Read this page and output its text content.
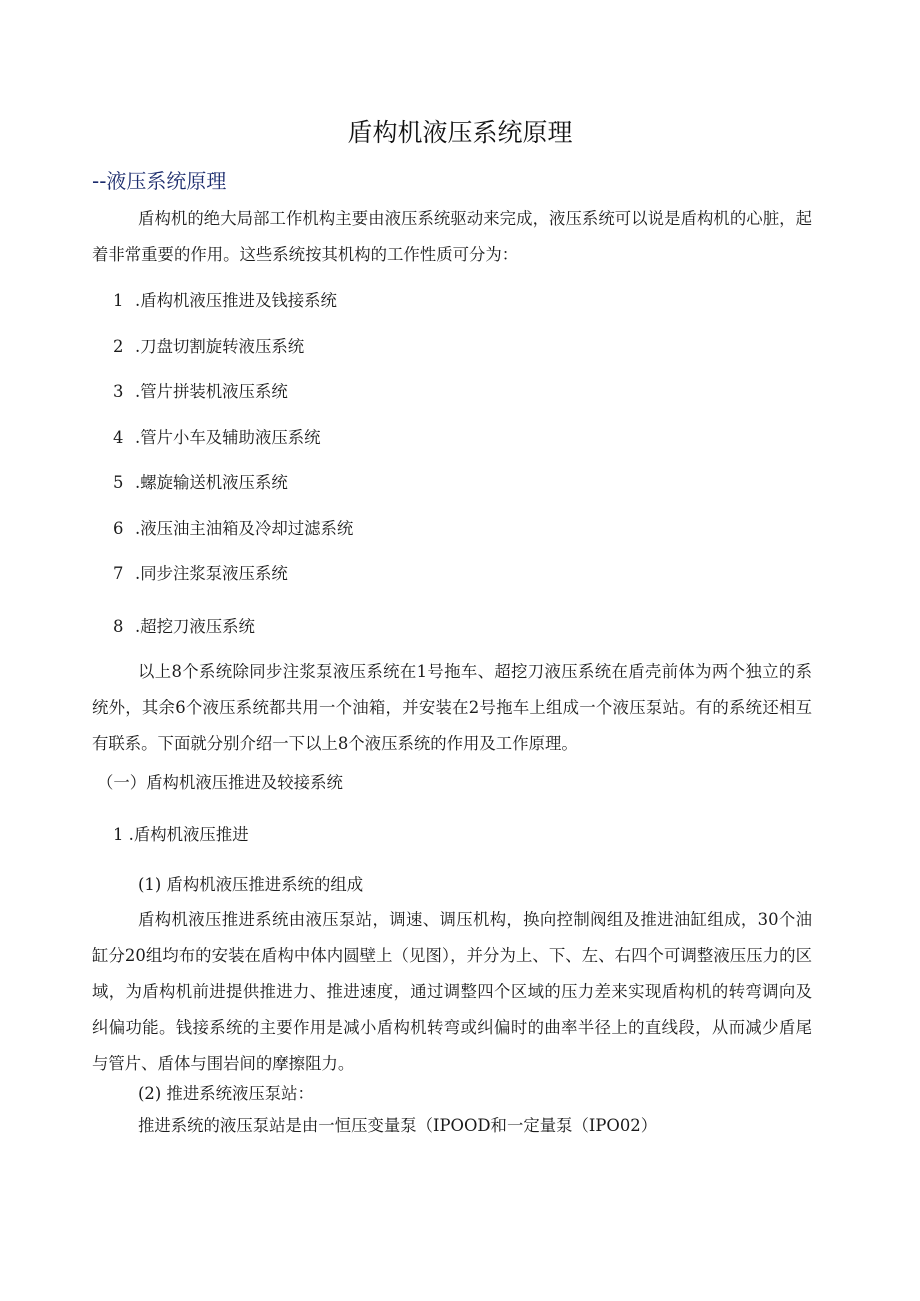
盾构机液压系统原理
--液压系统原理

盾构机的绝大局部工作机构主要由液压系统驱动来完成，液压系统可以说是盾构机的心脏，起着非常重要的作用。这些系统按其机构的工作性质可分为：

1 .盾构机液压推进及钱接系统

2 .刀盘切割旋转液压系统

3 .管片拼装机液压系统

4 .管片小车及辅助液压系统

5 .螺旋输送机液压系统

6 .液压油主油箱及冷却过滤系统

7 .同步注浆泵液压系统

8 .超挖刀液压系统

以上8个系统除同步注浆泵液压系统在1号拖车、超挖刀液压系统在盾壳前体为两个独立的系统外，其余6个液压系统都共用一个油箱，并安装在2号拖车上组成一个液压泵站。有的系统还相互有联系。下面就分别介绍一下以上8个液压系统的作用及工作原理。

（一）盾构机液压推进及较接系统

1 .盾构机液压推进

(1) 盾构机液压推进系统的组成

盾构机液压推进系统由液压泵站，调速、调压机构，换向控制阀组及推进油缸组成，30个油缸分20组均布的安装在盾构中体内圆壁上（见图），并分为上、下、左、右四个可调整液压压力的区域，为盾构机前进提供推进力、推进速度，通过调整四个区域的压力差来实现盾构机的转弯调向及纠偏功能。钱接系统的主要作用是减小盾构机转弯或纠偏时的曲率半径上的直线段，从而减少盾尾与管片、盾体与围岩间的摩擦阻力。

(2) 推进系统液压泵站：

推进系统的液压泵站是由一恒压变量泵（IPOOD和一定量泵（IPO02）
